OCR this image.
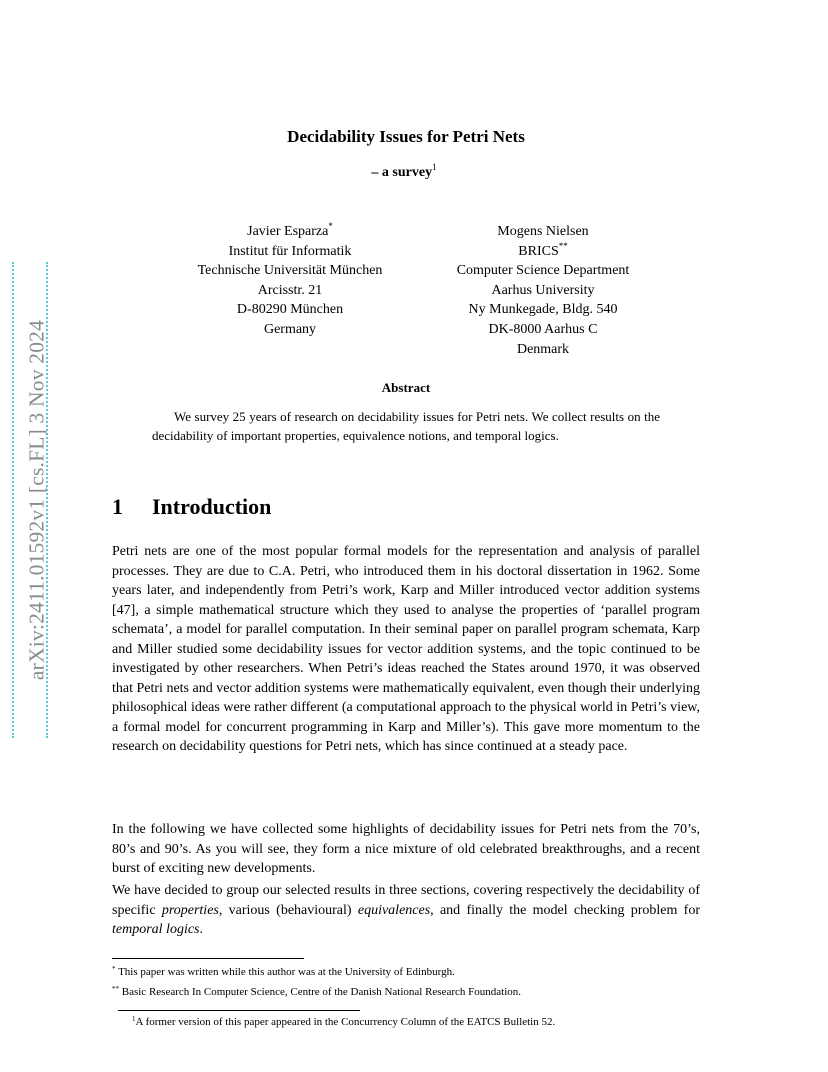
arXiv:2411.01592v1 [cs.FL] 3 Nov 2024
Decidability Issues for Petri Nets
– a survey$^1$
Javier Esparza*
Institut für Informatik
Technische Universität München
Arcisstr. 21
D-80290 München
Germany
Mogens Nielsen
BRICS**
Computer Science Department
Aarhus University
Ny Munkegade, Bldg. 540
DK-8000 Aarhus C
Denmark
Abstract
We survey 25 years of research on decidability issues for Petri nets. We collect results on the decidability of important properties, equivalence notions, and temporal logics.
1 Introduction
Petri nets are one of the most popular formal models for the representation and analysis of parallel processes. They are due to C.A. Petri, who introduced them in his doctoral dissertation in 1962. Some years later, and independently from Petri’s work, Karp and Miller introduced vector addition systems [47], a simple mathematical structure which they used to analyse the properties of ‘parallel program schemata’, a model for parallel computation. In their seminal paper on parallel program schemata, Karp and Miller studied some decidability issues for vector addition systems, and the topic continued to be investigated by other researchers. When Petri’s ideas reached the States around 1970, it was observed that Petri nets and vector addition systems were mathematically equivalent, even though their underlying philosophical ideas were rather different (a computational approach to the physical world in Petri’s view, a formal model for concurrent programming in Karp and Miller’s). This gave more momentum to the research on decidability questions for Petri nets, which has since continued at a steady pace.
In the following we have collected some highlights of decidability issues for Petri nets from the 70’s, 80’s and 90’s. As you will see, they form a nice mixture of old celebrated breakthroughs, and a recent burst of exciting new developments.
We have decided to group our selected results in three sections, covering respectively the decidability of specific properties, various (behavioural) equivalences, and finally the model checking problem for temporal logics.
* This paper was written while this author was at the University of Edinburgh.
** Basic Research In Computer Science, Centre of the Danish National Research Foundation.
$^1$A former version of this paper appeared in the Concurrency Column of the EATCS Bulletin 52.
